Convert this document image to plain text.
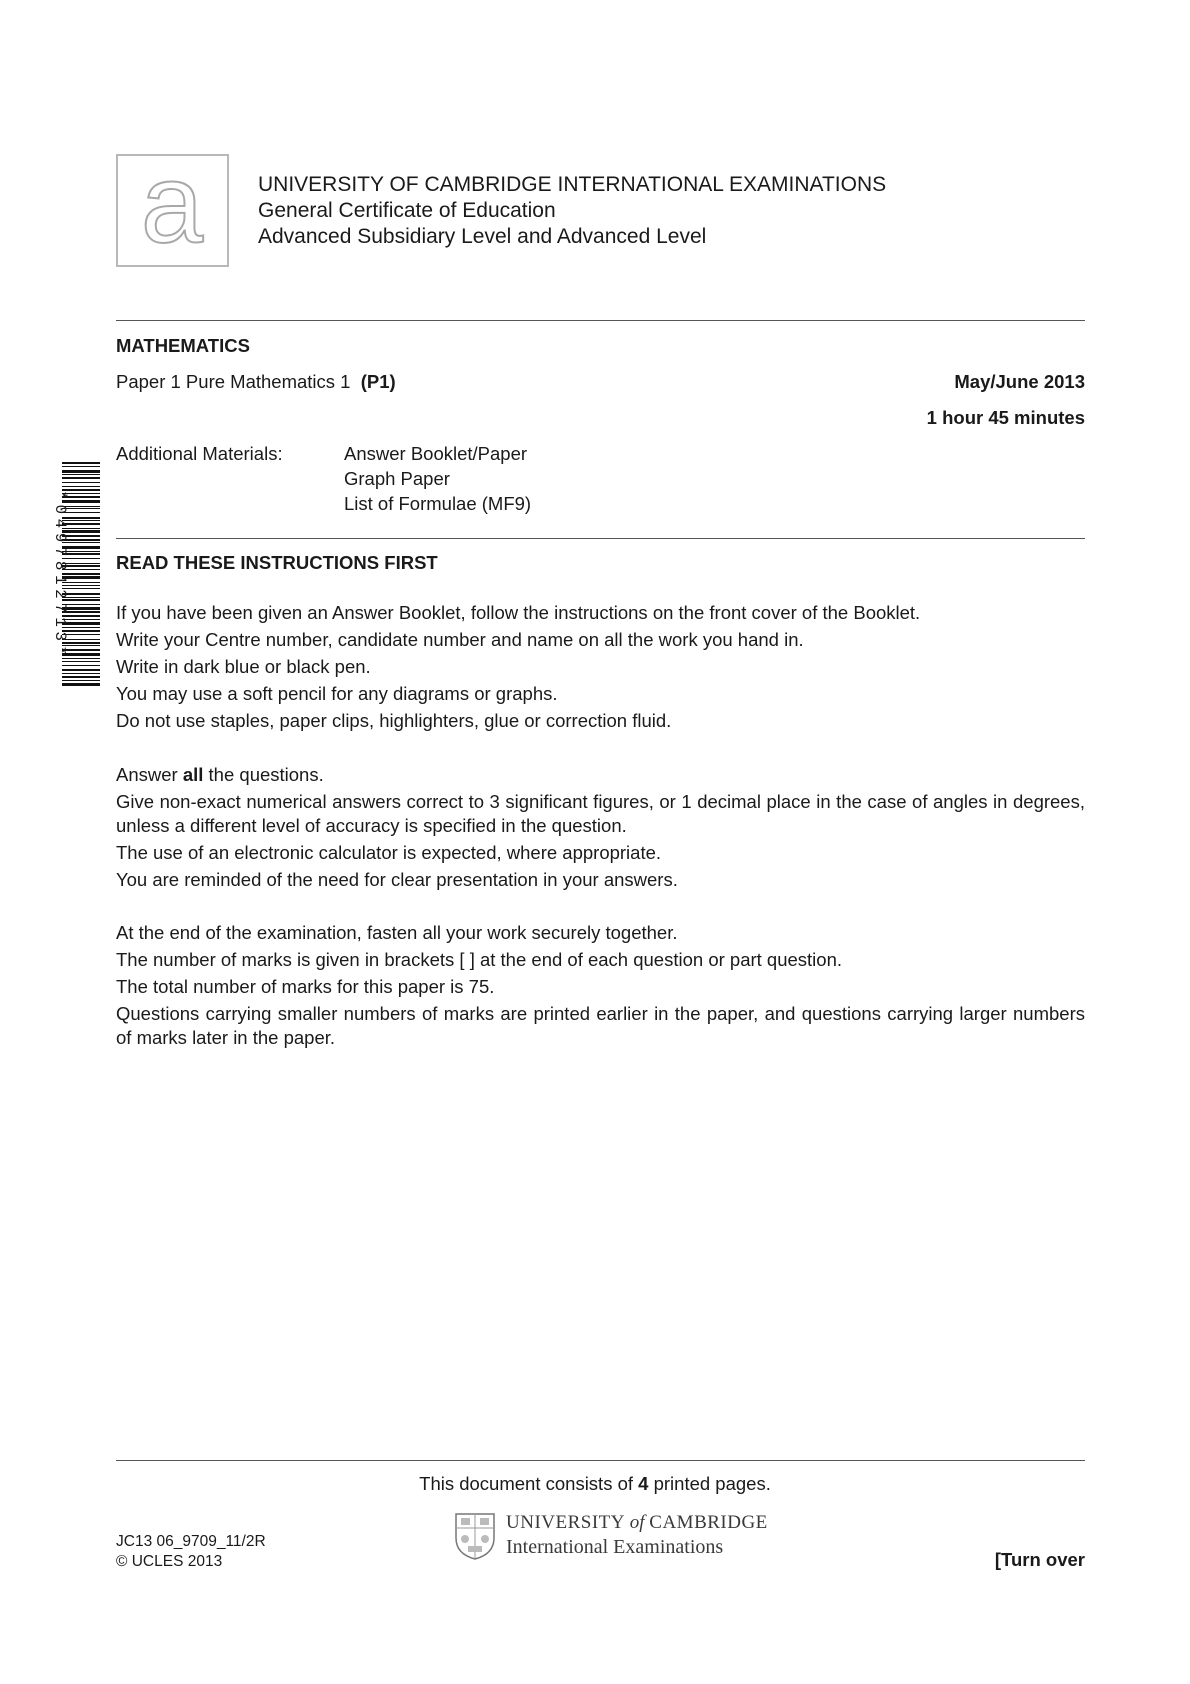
a	UNIVERSITY OF CAMBRIDGE INTERNATIONAL EXAMINATIONS
General Certificate of Education
Advanced Subsidiary Level and Advanced Level
MATHEMATICS
Paper 1 Pure Mathematics 1 (P1)	May/June 2013
1 hour 45 minutes
Additional Materials:	Answer Booklet/Paper
Graph Paper
List of Formulae (MF9)
*0497812713*	READ THESE INSTRUCTIONS FIRST

If you have been given an Answer Booklet, follow the instructions on the front cover of the Booklet.

Write your Centre number, candidate number and name on all the work you hand in.

Write in dark blue or black pen.

You may use a soft pencil for any diagrams or graphs.

Do not use staples, paper clips, highlighters, glue or correction fluid.

Answer all the questions.

Give non-exact numerical answers correct to 3 significant figures, or 1 decimal place in the case of angles in degrees, unless a different level of accuracy is specified in the question.

The use of an electronic calculator is expected, where appropriate.

You are reminded of the need for clear presentation in your answers.

At the end of the examination, fasten all your work securely together.

The number of marks is given in brackets [ ] at the end of each question or part question.

The total number of marks for this paper is 75.

Questions carrying smaller numbers of marks are printed earlier in the paper, and questions carrying larger numbers of marks later in the paper.

This document consists of 4 printed pages.
UNIVERSITY of CAMBRIDGE
International Examinations
JC13 06_9709_11/2R
© UCLES 2013	[Turn over
